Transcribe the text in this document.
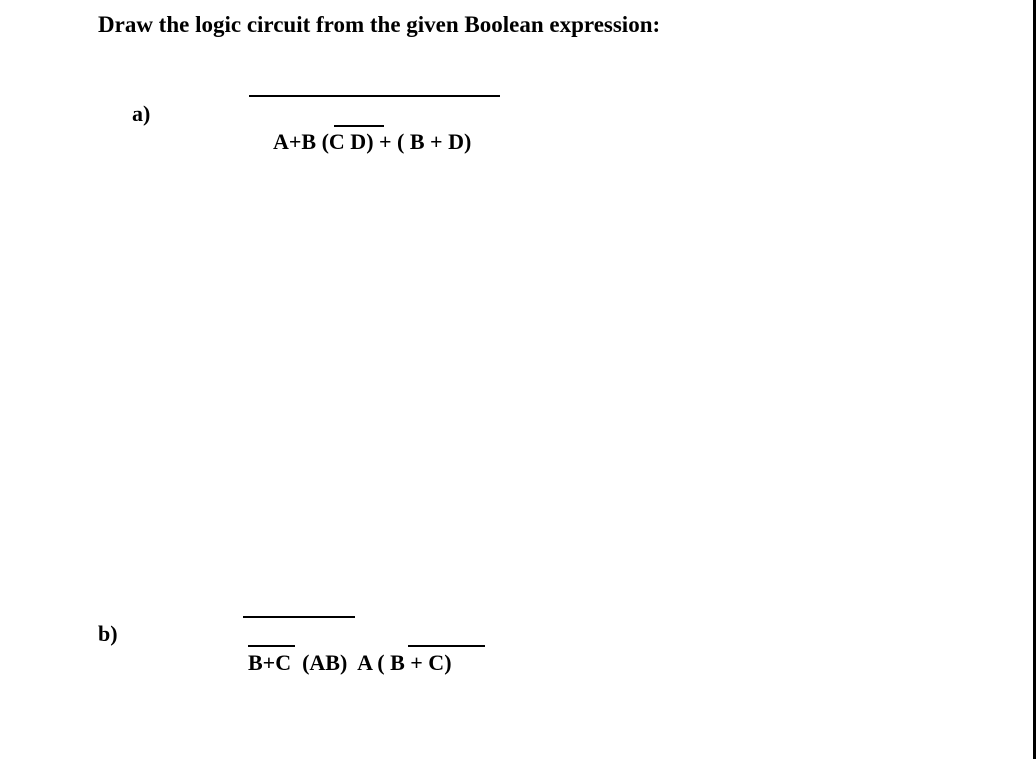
Draw the logic circuit from the given Boolean expression:
a)
A+B (C D) + ( B + D)
b)
B+C  (AB)  A ( B + C)
